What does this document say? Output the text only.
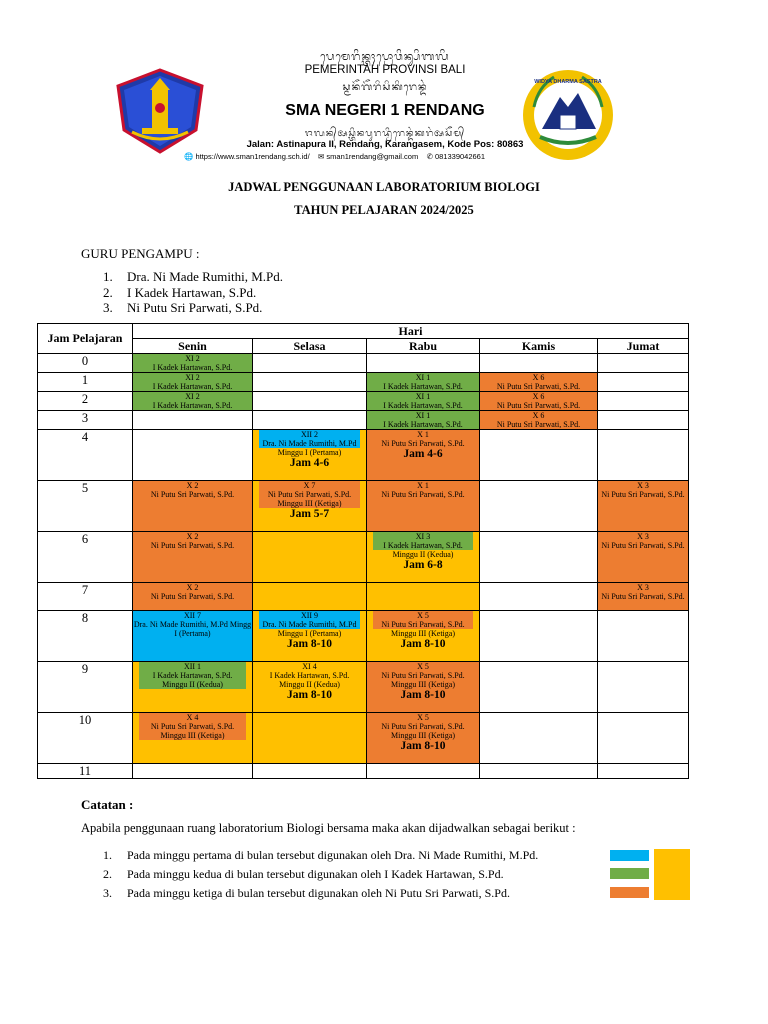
ᬧᬾᬫᬾᬭᬶᬦ᭄ᬢᬄᬧ᭄ᬭᭀᬯᬶᬦ᭄ᬲᬶᬩᬮᬶ
PEMERINTAH PROVINSI BALI
ᬲ᭄ᬫᬦᭂᬕᭂᬭᬶᬲᬶᬓᬶᬭᬾᬦ᭄ᬤᬂ
SMA NEGERI 1 RENDANG
ᬚᬮᬦ᭄ᬅᬲ᭄ᬢᬶᬦᬧᬸᬭᬤ᭄ᬯᬶᬭᬾᬦ᭄ᬤᬂᬓᬭᬂᬅᬲᭂᬫ᭄
Jalan: Astinapura II, Rendang, Karangasem, Kode Pos: 80863
🌐 https://www.sman1rendang.sch.id/ ✉ sman1rendang@gmail.com ✆ 081339042661
WIDYA DHARMA SASTRA
JADWAL PENGGUNAAN LABORATORIUM BIOLOGI
TAHUN PELAJARAN 2024/2025
GURU PENGAMPU :
1. Dra. Ni Made Rumithi, M.Pd.
2. I Kadek Hartawan, S.Pd.
3. Ni Putu Sri Parwati, S.Pd.
Jam Pelajaran	Hari				
	Senin	Selasa	Rabu	Kamis	Jumat
0	XI 2
I Kadek Hartawan, S.Pd.				

1	XI 2
I Kadek Hartawan, S.Pd.		XI 1
I Kadek Hartawan, S.Pd.	X 6
Ni Putu Sri Parwati, S.Pd.	

2	XI 2
I Kadek Hartawan, S.Pd.		XI 1
I Kadek Hartawan, S.Pd.	X 6
Ni Putu Sri Parwati, S.Pd.	

3			XI 1
I Kadek Hartawan, S.Pd.	X 6
Ni Putu Sri Parwati, S.Pd.	

4		XII 2
Dra. Ni Made Rumithi, M.Pd
Minggu I (Pertama)
Jam 4-6	X 1
Ni Putu Sri Parwati, S.Pd.
Jam 4-6		

5	X 2
Ni Putu Sri Parwati, S.Pd.	X 7
Ni Putu Sri Parwati, S.Pd.
Minggu III (Ketiga)
Jam 5-7	X 1
Ni Putu Sri Parwati, S.Pd.		X 3
Ni Putu Sri Parwati, S.Pd.

6	X 2
Ni Putu Sri Parwati, S.Pd.		XI 3
I Kadek Hartawan, S.Pd.
Minggu II (Kedua)
Jam 6-8		X 3
Ni Putu Sri Parwati, S.Pd.

7	X 2
Ni Putu Sri Parwati, S.Pd.				X 3
Ni Putu Sri Parwati, S.Pd.

8	XII 7
Dra. Ni Made Rumithi, M.Pd Mingg I (Pertama)	XII 9
Dra. Ni Made Rumithi, M.Pd
Minggu I (Pertama)
Jam 8-10	X 5
Ni Putu Sri Parwati, S.Pd.
Minggu III (Ketiga)
Jam 8-10		

9	XII 1
I Kadek Hartawan, S.Pd.
Minggu II (Kedua)	XI 4
I Kadek Hartawan, S.Pd.
Minggu II (Kedua)
Jam 8-10	X 5
Ni Putu Sri Parwati, S.Pd.
Minggu III (Ketiga)
Jam 8-10		

10	X 4
Ni Putu Sri Parwati, S.Pd.
Minggu III (Ketiga)		X 5
Ni Putu Sri Parwati, S.Pd.
Minggu III (Ketiga)
Jam 8-10		

11					
Catatan :
Apabila penggunaan ruang laboratorium Biologi bersama maka akan dijadwalkan sebagai berikut :
1. Pada minggu pertama di bulan tersebut digunakan oleh Dra. Ni Made Rumithi, M.Pd.
2. Pada minggu kedua di bulan tersebut digunakan oleh I Kadek Hartawan, S.Pd.
3. Pada minggu ketiga di bulan tersebut digunakan oleh Ni Putu Sri Parwati, S.Pd.
